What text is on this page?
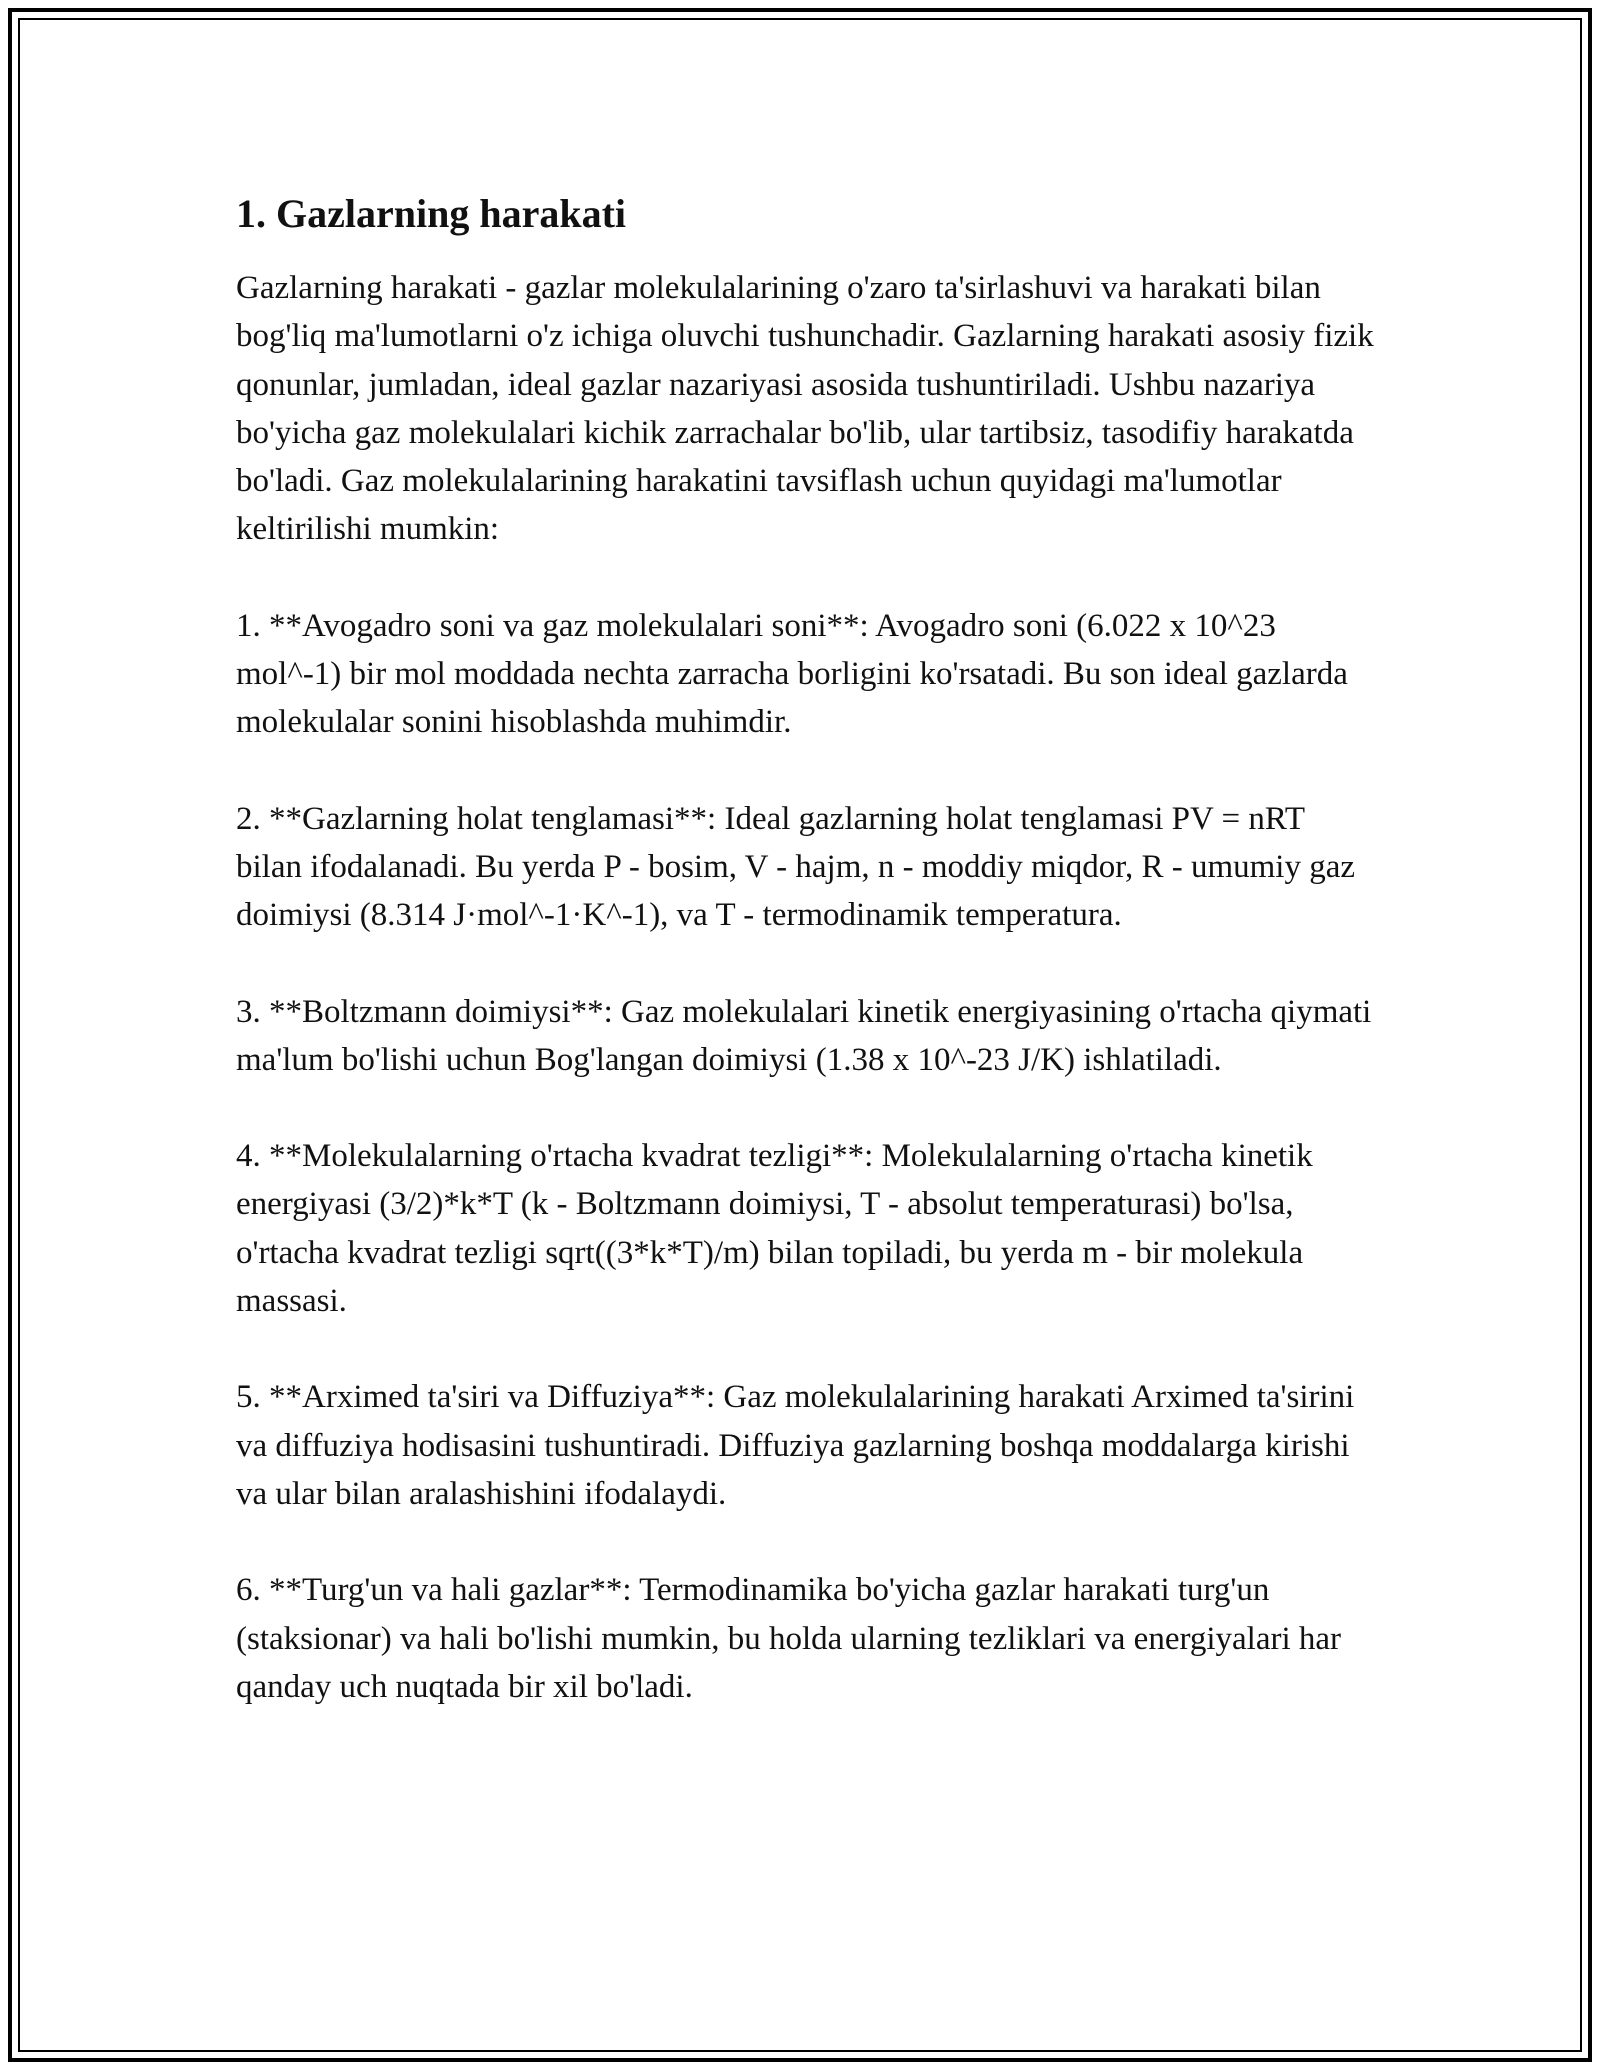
1. Gazlarning harakati

Gazlarning harakati - gazlar molekulalarining o'zaro ta'sirlashuvi va harakati bilan bog'liq ma'lumotlarni o'z ichiga oluvchi tushunchadir. Gazlarning harakati asosiy fizik qonunlar, jumladan, ideal gazlar nazariyasi asosida tushuntiriladi. Ushbu nazariya bo'yicha gaz molekulalari kichik zarrachalar bo'lib, ular tartibsiz, tasodifiy harakatda bo'ladi. Gaz molekulalarining harakatini tavsiflash uchun quyidagi ma'lumotlar keltirilishi mumkin:

1. **Avogadro soni va gaz molekulalari soni**: Avogadro soni (6.022 x 10^23 mol^-1) bir mol moddada nechta zarracha borligini ko'rsatadi. Bu son ideal gazlarda molekulalar sonini hisoblashda muhimdir.

2. **Gazlarning holat tenglamasi**: Ideal gazlarning holat tenglamasi PV = nRT bilan ifodalanadi. Bu yerda P - bosim, V - hajm, n - moddiy miqdor, R - umumiy gaz doimiysi (8.314 J·mol^-1·K^-1), va T - termodinamik temperatura.

3. **Boltzmann doimiysi**: Gaz molekulalari kinetik energiyasining o'rtacha qiymati ma'lum bo'lishi uchun Bog'langan doimiysi (1.38 x 10^-23 J/K) ishlatiladi.

4. **Molekulalarning o'rtacha kvadrat tezligi**: Molekulalarning o'rtacha kinetik energiyasi (3/2)*k*T (k - Boltzmann doimiysi, T - absolut temperaturasi) bo'lsa, o'rtacha kvadrat tezligi sqrt((3*k*T)/m) bilan topiladi, bu yerda m - bir molekula massasi.

5. **Arximed ta'siri va Diffuziya**: Gaz molekulalarining harakati Arximed ta'sirini va diffuziya hodisasini tushuntiradi. Diffuziya gazlarning boshqa moddalarga kirishi va ular bilan aralashishini ifodalaydi.

6. **Turg'un va hali gazlar**: Termodinamika bo'yicha gazlar harakati turg'un (staksionar) va hali bo'lishi mumkin, bu holda ularning tezliklari va energiyalari har qanday uch nuqtada bir xil bo'ladi.
